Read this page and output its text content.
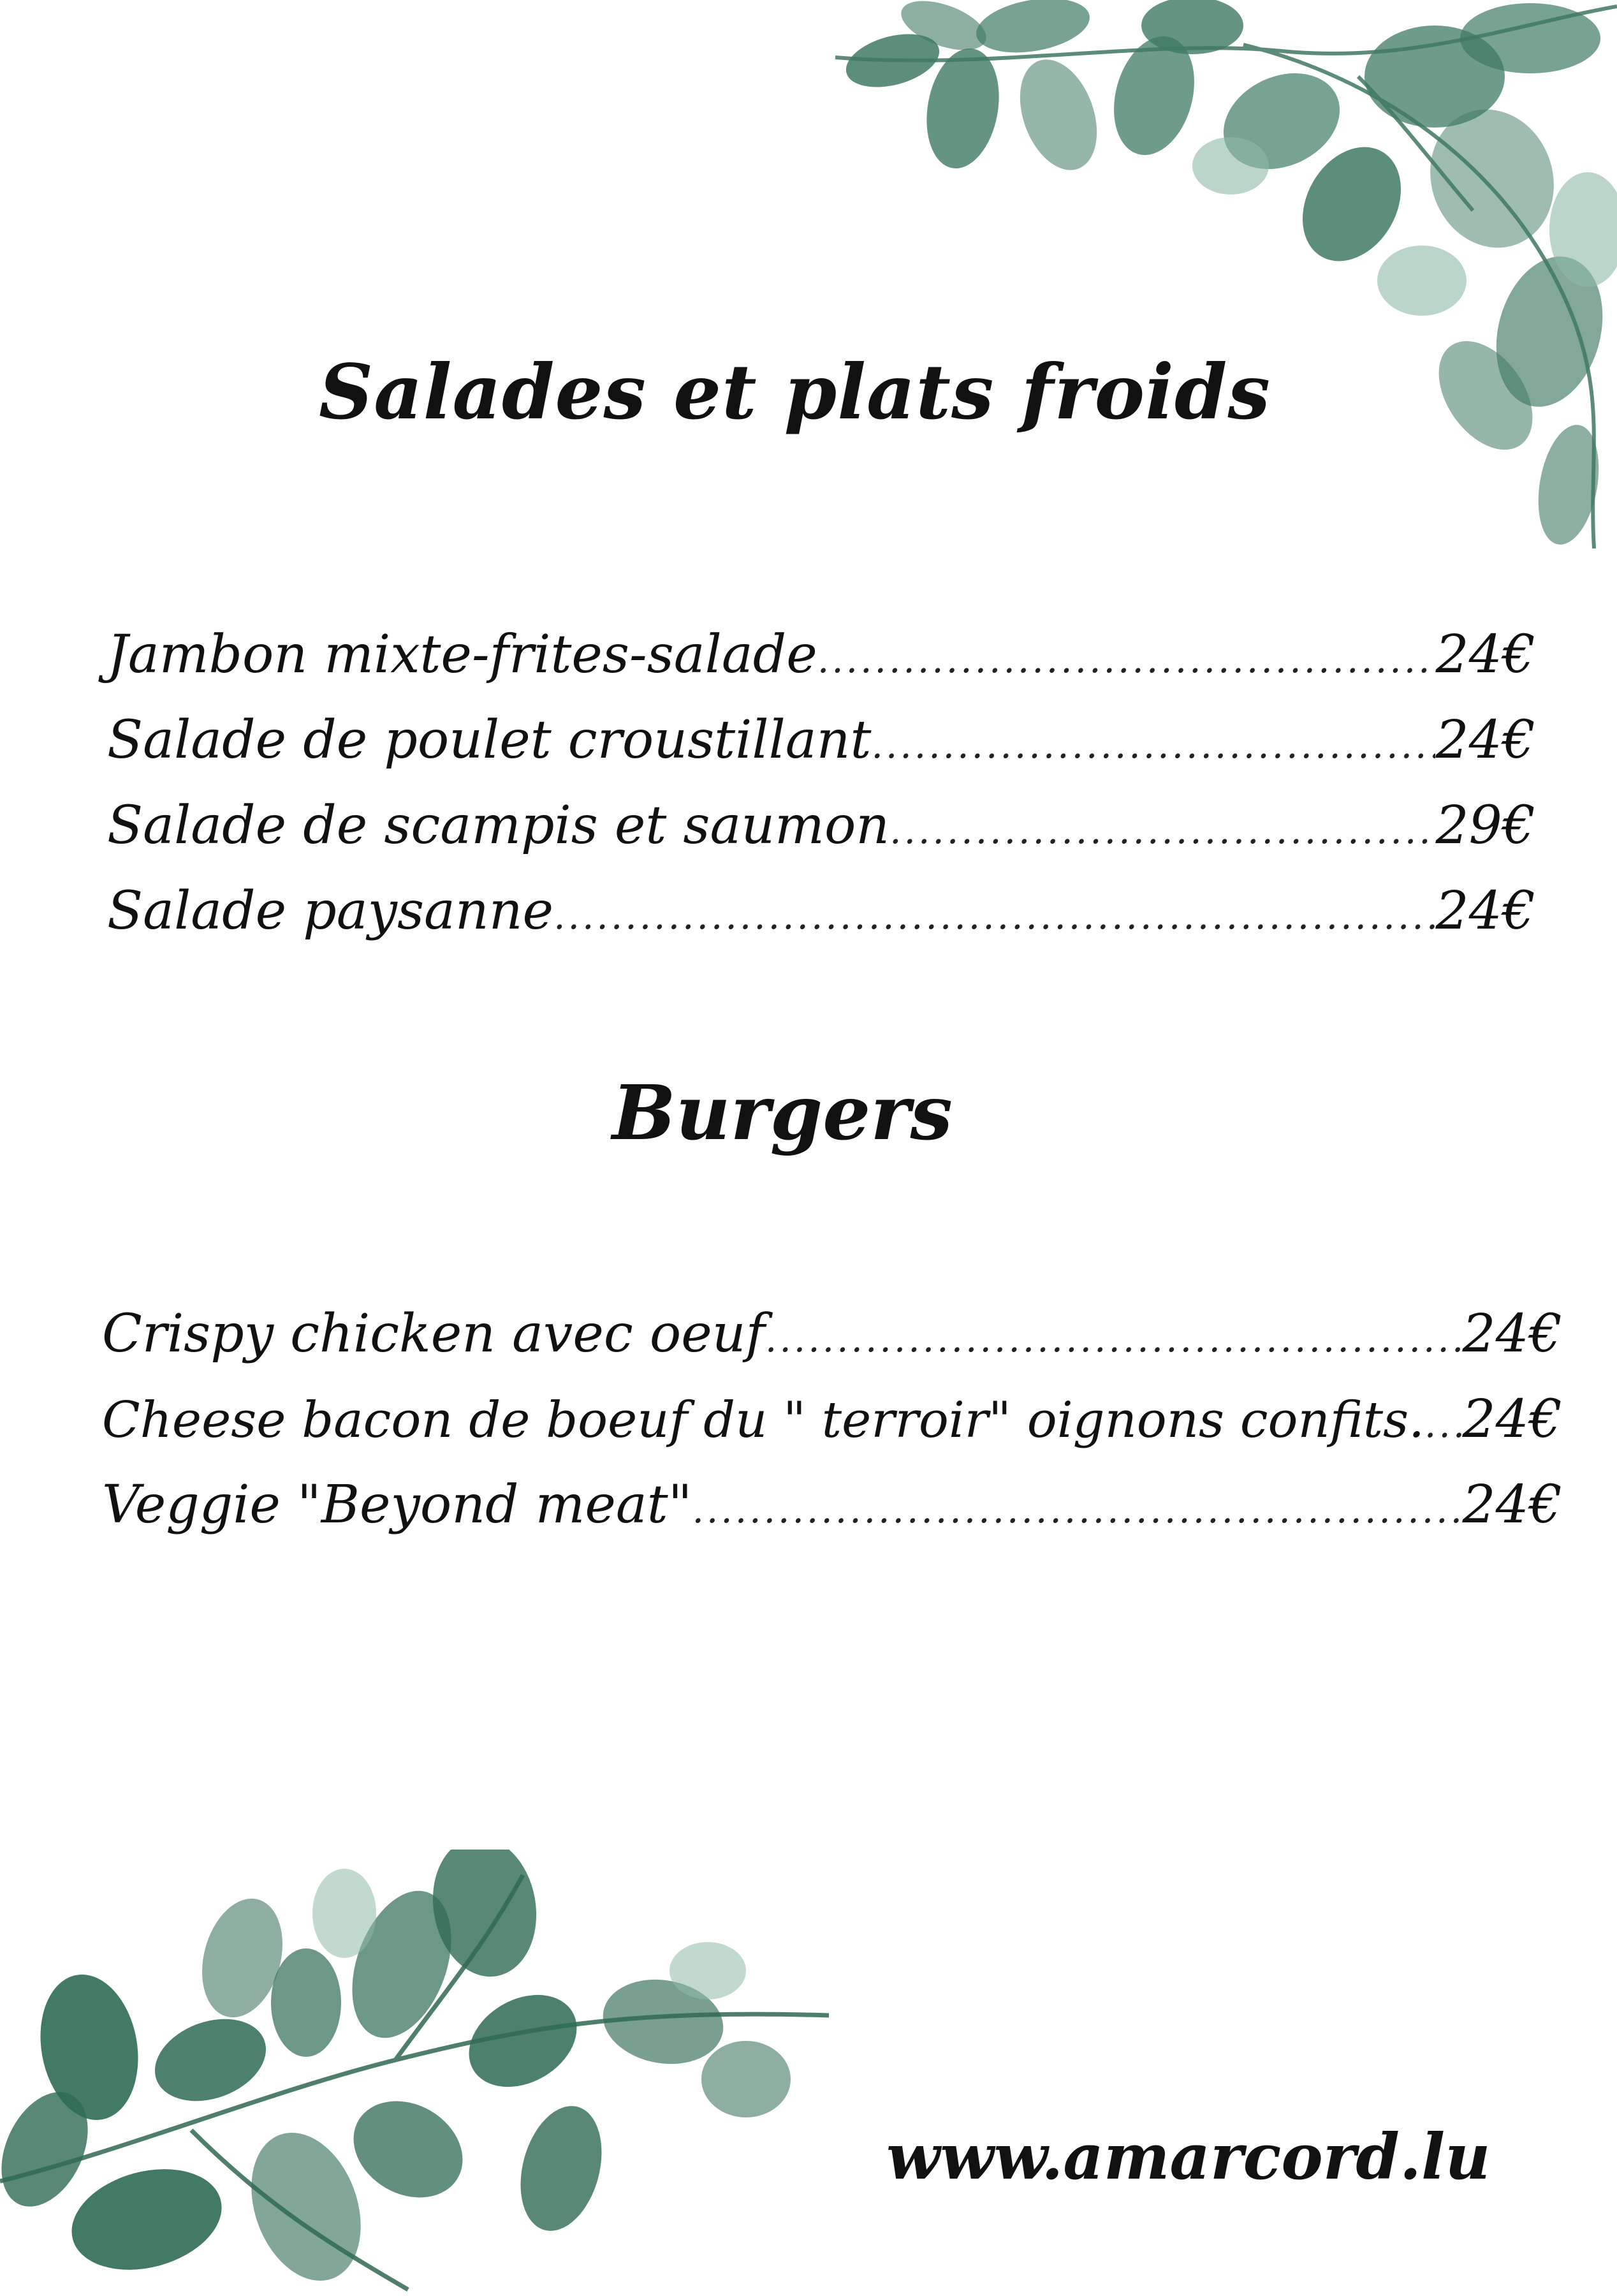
Salades et plats froids
Jambon mixte-frites-salade .....	24€
Salade de poulet croustillant .....	24€
Salade de scampis et saumon .....	29€
Salade paysanne .....	24€
Burgers
Crispy chicken avec oeuf .....	24€
Cheese bacon de boeuf du " terroir" oignons confits. ..... 24€
Veggie "Beyond meat" .....	24€
www.amarcord.lu
